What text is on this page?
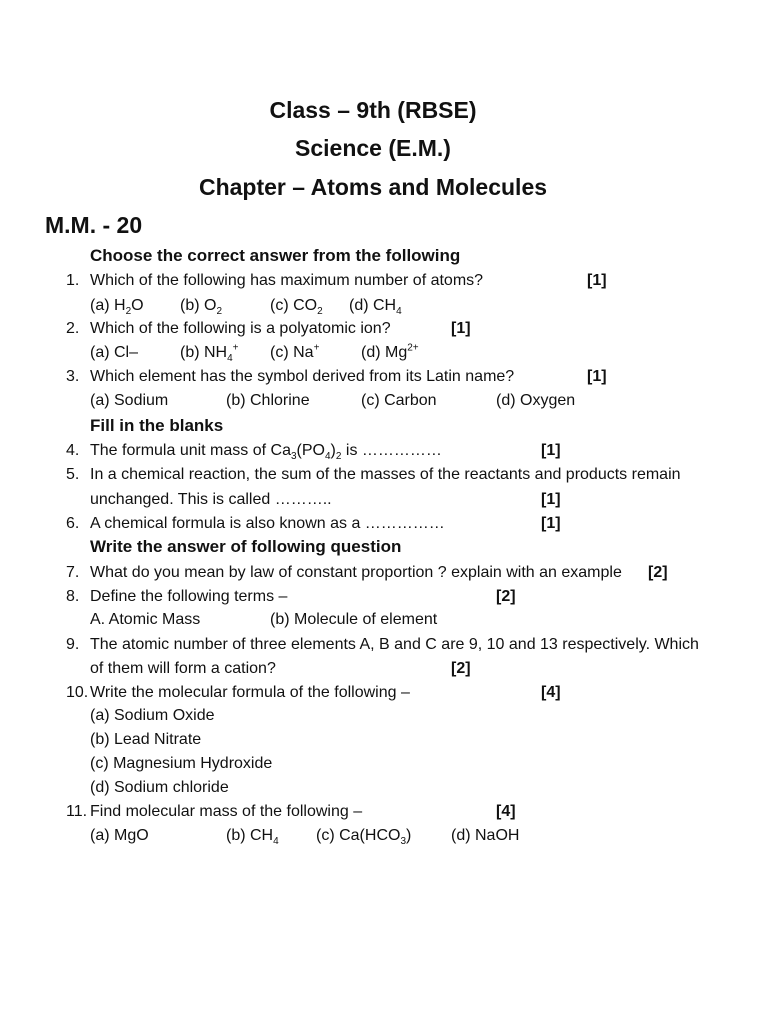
Class – 9th (RBSE)
Science (E.M.)
Chapter – Atoms and Molecules
M.M. - 20
Choose the correct answer from the following
1. Which of the following has maximum number of atoms?	[1]
(a) $H_2O$ (b) $O_2$	(c) $CO_2$ (d) $CH_4$
2. Which of the following is a polyatomic ion?	[1]
(a) Cl–	(b) $NH_4^+$ (c) Na+	(d) $Mg^{2+}$
3. Which element has the symbol derived from its Latin name?	[1]
(a) Sodium	(b) Chlorine	(c) Carbon	(d) Oxygen
Fill in the blanks
4. The formula unit mass of $Ca_3(PO_4)_2$ is ……………	[1]
5. In a chemical reaction, the sum of the masses of the reactants and products remain
unchanged. This is called ………..	[1]
6. A chemical formula is also known as a ……………	[1]
Write the answer of following question
7. What do you mean by law of constant proportion ? explain with an example [2]
8. Define the following terms –	[2]
A. Atomic Mass	(b) Molecule of element
9. The atomic number of three elements A, B and C are 9, 10 and 13 respectively. Which
of them will form a cation?	[2]
10. Write the molecular formula of the following –	[4]
(a) Sodium Oxide
(b) Lead Nitrate
(c) Magnesium Hydroxide
(d) Sodium chloride
11. Find molecular mass of the following –	[4]
(a) MgO	(b) $CH_4$ (c) $Ca(HCO_3)$ (d) NaOH
